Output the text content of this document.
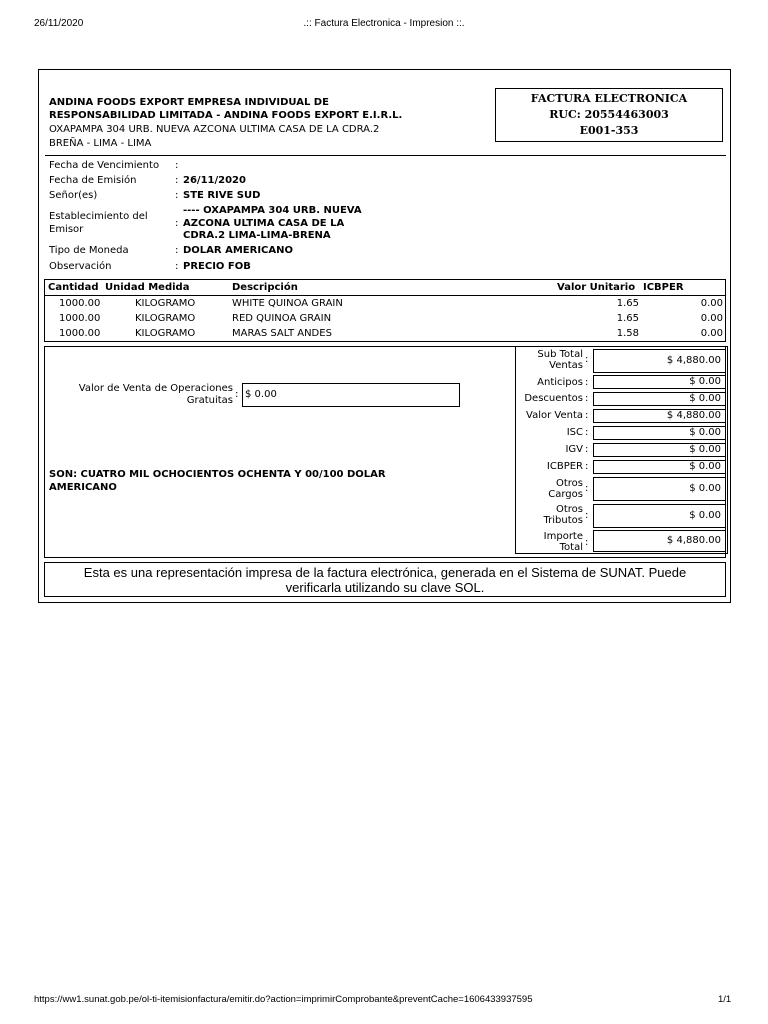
26/11/2020	.:: Factura Electronica - Impresion ::.
ANDINA FOODS EXPORT EMPRESA INDIVIDUAL DE
RESPONSABILIDAD LIMITADA - ANDINA FOODS EXPORT E.I.R.L.
OXAPAMPA 304 URB. NUEVA AZCONA ULTIMA CASA DE LA CDRA.2
BREÑA - LIMA - LIMA
FACTURA ELECTRONICA
RUC: 20554463003
E001-353
Fecha de Vencimiento :
Fecha de Emisión	: 26/11/2020
Señor(es)	: STE RIVE SUD
Establecimiento del
Emisor
---- OXAPAMPA 304 URB. NUEVA
: AZCONA ULTIMA CASA DE LA
CDRA.2 LIMA-LIMA-BRENA
Tipo de Moneda	: DOLAR AMERICANO
Observación	: PRECIO FOB
Cantidad Unidad Medida	Descripción	Valor Unitario ICBPER
1000.00	KILOGRAMO	WHITE QUINOA GRAIN	1.65	0.00
1000.00	KILOGRAMO	RED QUINOA GRAIN	1.65	0.00
1000.00	KILOGRAMO	MARAS SALT ANDES	1.58	0.00
Valor de Venta de Operaciones
Gratuitas
: $ 0.00
SON: CUATRO MIL OCHOCIENTOS OCHENTA Y 00/100 DOLAR
AMERICANO
Sub Total
Ventas
:	$ 4,880.00
Anticipos :	$ 0.00
Descuentos :	$ 0.00
Valor Venta :	$ 4,880.00
ISC :	$ 0.00
IGV :	$ 0.00
ICBPER :	$ 0.00
Otros
Cargos
:	$ 0.00
Otros
Tributos :	$ 0.00
Importe
Total :	$ 4,880.00
Esta es una representación impresa de la factura electrónica, generada en el Sistema de SUNAT. Puede
verificarla utilizando su clave SOL.
https://ww1.sunat.gob.pe/ol-ti-itemisionfactura/emitir.do?action=imprimirComprobante&preventCache=1606433937595	1/1
